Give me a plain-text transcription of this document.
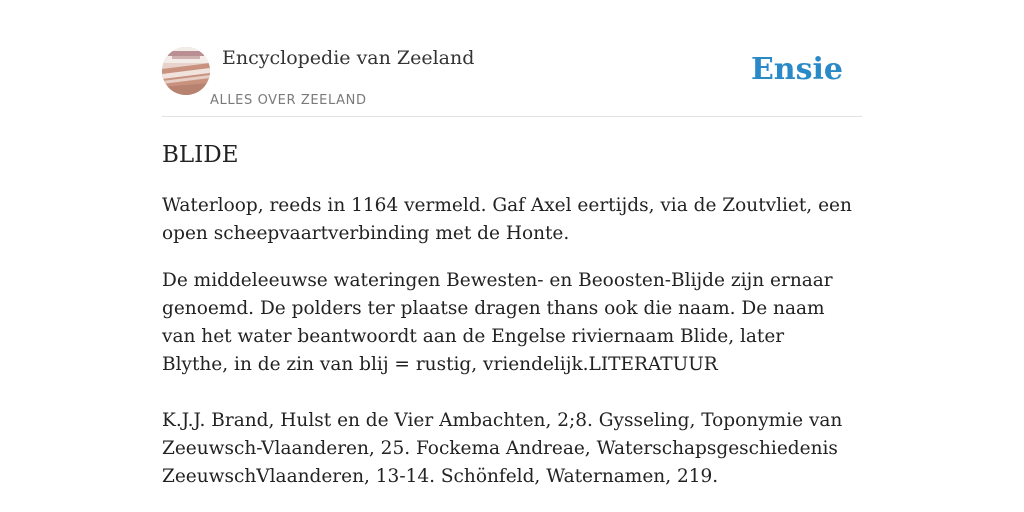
Encyclopedie van Zeeland
ALLES OVER ZEELAND
Ensie
BLIDE

Waterloop, reeds in 1164 vermeld. Gaf Axel eertijds, via de Zoutvliet, een open scheepvaartverbinding met de Honte.

De middeleeuwse wateringen Bewesten- en Beoosten-Blijde zijn ernaar genoemd. De polders ter plaatse dragen thans ook die naam. De naam van het water beantwoordt aan de Engelse riviernaam Blide, later Blythe, in de zin van blij = rustig, vriendelijk.LITERATUUR

K.J.J. Brand, Hulst en de Vier Ambachten, 2;8. Gysseling, Toponymie van Zeeuwsch-Vlaanderen, 25. Fockema Andreae, Waterschapsgeschiedenis ZeeuwschVlaanderen, 13-14. Schönfeld, Waternamen, 219.
